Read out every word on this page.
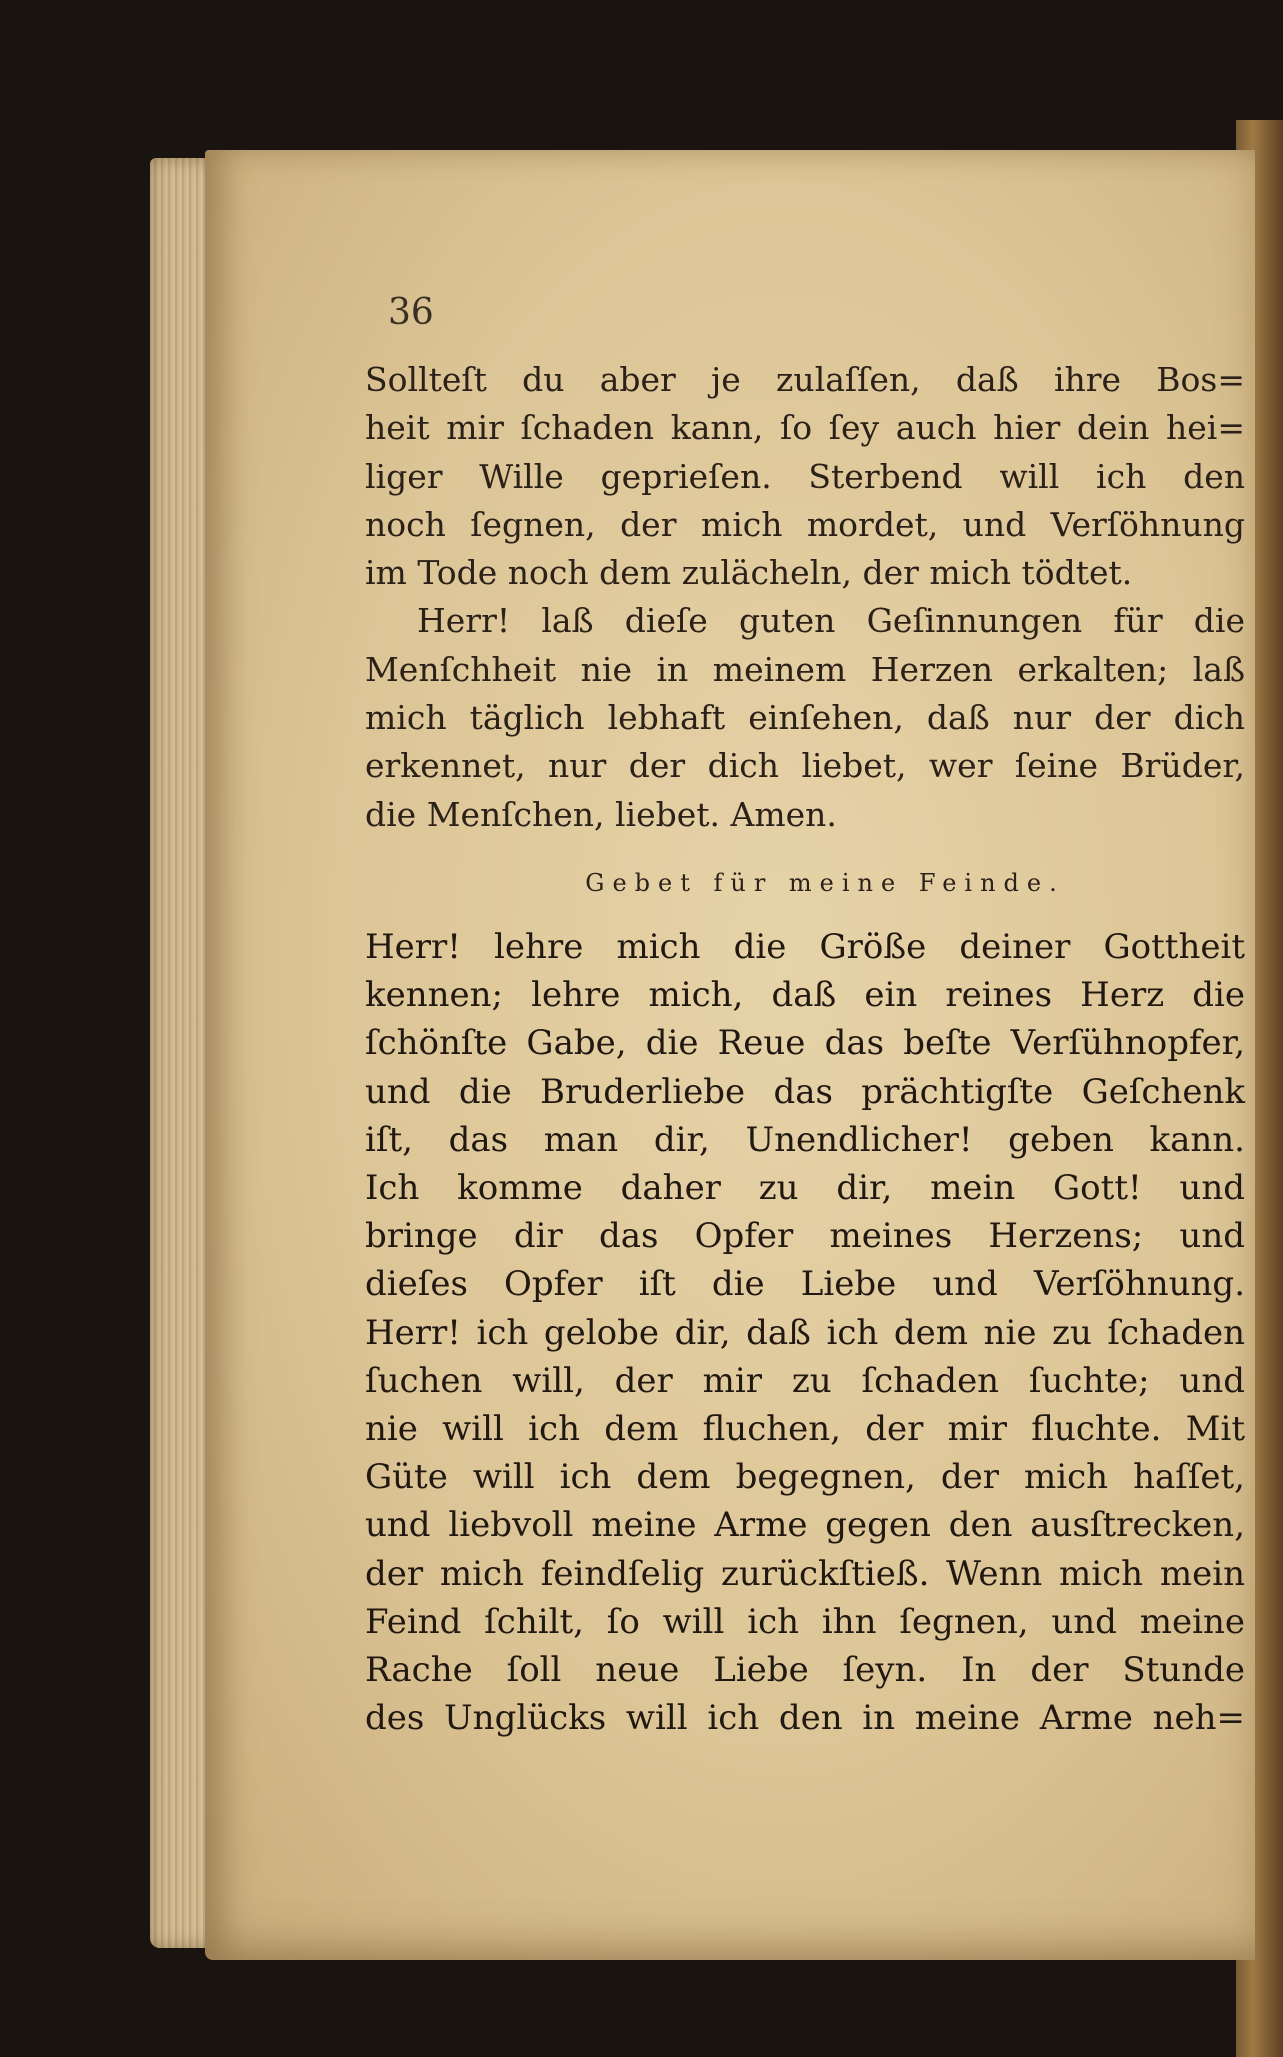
36

Sollteſt du aber je zulaſſen, daß ihre Bos=
heit mir ſchaden kann, ſo ſey auch hier dein hei=
liger Wille geprieſen. Sterbend will ich den
noch ſegnen, der mich mordet, und Verſöhnung
im Tode noch dem zulächeln, der mich tödtet.

Herr! laß dieſe guten Geſinnungen für die
Menſchheit nie in meinem Herzen erkalten; laß
mich täglich lebhaft einſehen, daß nur der dich
erkennet, nur der dich liebet, wer ſeine Brüder,
die Menſchen, liebet. Amen.

Gebet für meine Feinde.

Herr! lehre mich die Größe deiner Gottheit
kennen; lehre mich, daß ein reines Herz die
ſchönſte Gabe, die Reue das beſte Verſühnopfer,
und die Bruderliebe das prächtigſte Geſchenk
iſt, das man dir, Unendlicher! geben kann.
Ich komme daher zu dir, mein Gott! und
bringe dir das Opfer meines Herzens; und
dieſes Opfer iſt die Liebe und Verſöhnung.
Herr! ich gelobe dir, daß ich dem nie zu ſchaden
ſuchen will, der mir zu ſchaden ſuchte; und
nie will ich dem fluchen, der mir fluchte. Mit
Güte will ich dem begegnen, der mich haſſet,
und liebvoll meine Arme gegen den ausſtrecken,
der mich feindſelig zurückſtieß. Wenn mich mein
Feind ſchilt, ſo will ich ihn ſegnen, und meine
Rache ſoll neue Liebe ſeyn. In der Stunde
des Unglücks will ich den in meine Arme neh=
